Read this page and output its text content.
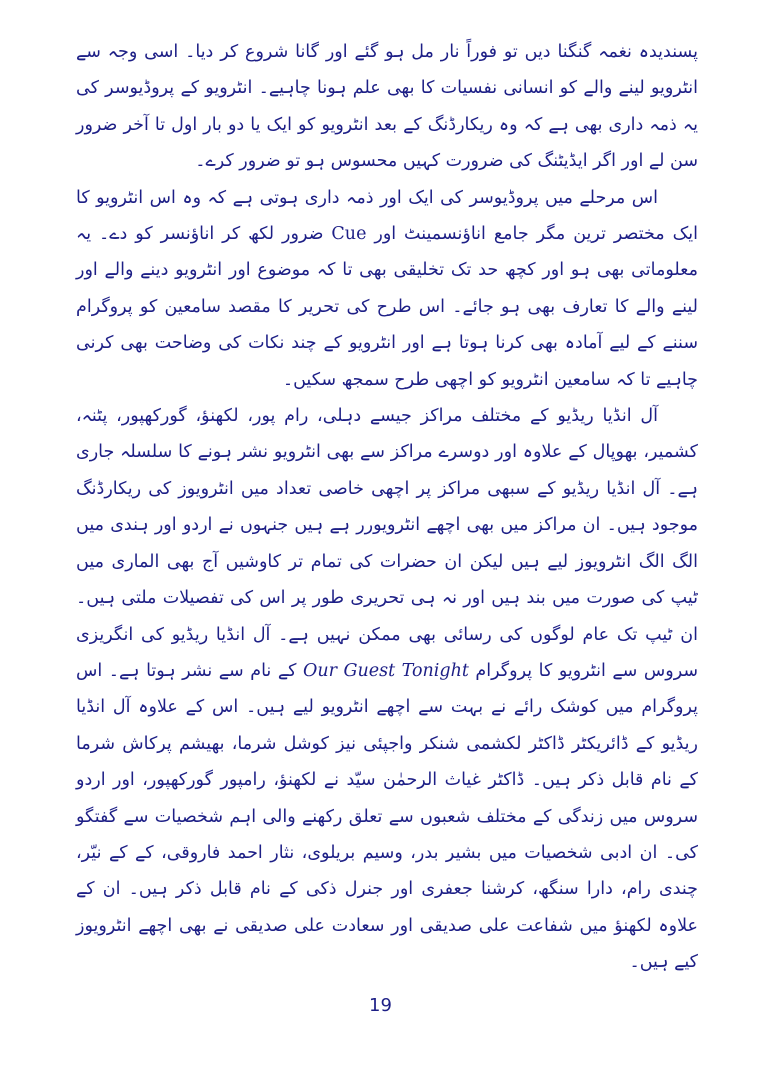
پسندیدہ نغمہ گنگنا دیں تو فوراً نار مل ہو گئے اور گانا شروع کر دیا۔ اسی وجہ سے انٹرویو لینے والے کو انسانی نفسیات کا بھی علم ہونا چاہیے۔ انٹرویو کے پروڈیوسر کی یہ ذمہ داری بھی ہے کہ وہ ریکارڈنگ کے بعد انٹرویو کو ایک یا دو بار اول تا آخر ضرور سن لے اور اگر ایڈیٹنگ کی ضرورت کہیں محسوس ہو تو ضرور کرے۔

اس مرحلے میں پروڈیوسر کی ایک اور ذمہ داری ہوتی ہے کہ وہ اس انٹرویو کا ایک مختصر ترین مگر جامع اناؤنسمینٹ اور Cue ضرور لکھ کر اناؤنسر کو دے۔ یہ معلوماتی بھی ہو اور کچھ حد تک تخلیقی بھی تا کہ موضوع اور انٹرویو دینے والے اور لینے والے کا تعارف بھی ہو جائے۔ اس طرح کی تحریر کا مقصد سامعین کو پروگرام سننے کے لیے آمادہ بھی کرنا ہوتا ہے اور انٹرویو کے چند نکات کی وضاحت بھی کرنی چاہیے تا کہ سامعین انٹرویو کو اچھی طرح سمجھ سکیں۔

آل انڈیا ریڈیو کے مختلف مراکز جیسے دہلی، رام پور، لکھنؤ، گورکھپور، پٹنہ، کشمیر، بھوپال کے علاوہ اور دوسرے مراکز سے بھی انٹرویو نشر ہونے کا سلسلہ جاری ہے۔ آل انڈیا ریڈیو کے سبھی مراکز پر اچھی خاصی تعداد میں انٹرویوز کی ریکارڈنگ موجود ہیں۔ ان مراکز میں بھی اچھے انٹرویورر ہے ہیں جنہوں نے اردو اور ہندی میں الگ الگ انٹرویوز لیے ہیں لیکن ان حضرات کی تمام تر کاوشیں آج بھی الماری میں ٹیپ کی صورت میں بند ہیں اور نہ ہی تحریری طور پر اس کی تفصیلات ملتی ہیں۔ ان ٹیپ تک عام لوگوں کی رسائی بھی ممکن نہیں ہے۔ آل انڈیا ریڈیو کی انگریزی سروس سے انٹرویو کا پروگرام Our Guest Tonight کے نام سے نشر ہوتا ہے۔ اس پروگرام میں کوشک رائے نے بہت سے اچھے انٹرویو لیے ہیں۔ اس کے علاوہ آل انڈیا ریڈیو کے ڈائریکٹر ڈاکٹر لکشمی شنکر واجپئی نیز کوشل شرما، بھیشم پرکاش شرما کے نام قابل ذکر ہیں۔ ڈاکٹر غیاث الرحمٰن سیّد نے لکھنؤ، رامپور گورکھپور، اور اردو سروس میں زندگی کے مختلف شعبوں سے تعلق رکھنے والی اہم شخصیات سے گفتگو کی۔ ان ادبی شخصیات میں بشیر بدر، وسیم بریلوی، نثار احمد فاروقی، کے کے نیّر، چندی رام، دارا سنگھ، کرشنا جعفری اور جنرل ذکی کے نام قابل ذکر ہیں۔ ان کے علاوہ لکھنؤ میں شفاعت علی صدیقی اور سعادت علی صدیقی نے بھی اچھے انٹرویوز کیے ہیں۔

19
